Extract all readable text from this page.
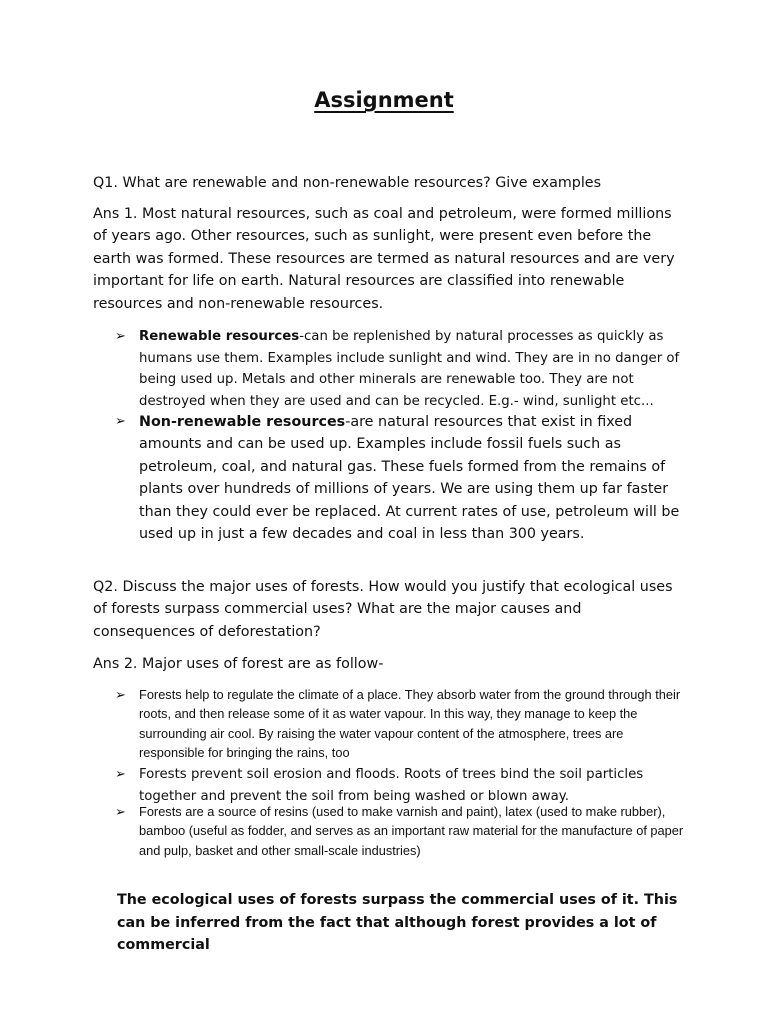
Assignment

Q1. What are renewable and non-renewable resources? Give examples

Ans 1. Most natural resources, such as coal and petroleum, were formed millions of years ago. Other resources, such as sunlight, were present even before the earth was formed. These resources are termed as natural resources and are very important for life on earth. Natural resources are classified into renewable resources and non-renewable resources.

➢ Renewable resources-can be replenished by natural processes as quickly as humans use them. Examples include sunlight and wind. They are in no danger of being used up. Metals and other minerals are renewable too. They are not destroyed when they are used and can be recycled. E.g.- wind, sunlight etc...
➢ Non-renewable resources-are natural resources that exist in fixed amounts and can be used up. Examples include fossil fuels such as petroleum, coal, and natural gas. These fuels formed from the remains of plants over hundreds of millions of years. We are using them up far faster than they could ever be replaced. At current rates of use, petroleum will be used up in just a few decades and coal in less than 300 years.

Q2. Discuss the major uses of forests. How would you justify that ecological uses of forests surpass commercial uses? What are the major causes and consequences of deforestation?

Ans 2. Major uses of forest are as follow-

➢ Forests help to regulate the climate of a place. They absorb water from the ground through their roots, and then release some of it as water vapour. In this way, they manage to keep the surrounding air cool. By raising the water vapour content of the atmosphere, trees are responsible for bringing the rains, too
➢ Forests prevent soil erosion and floods. Roots of trees bind the soil particles together and prevent the soil from being washed or blown away.
➢ Forests are a source of resins (used to make varnish and paint), latex (used to make rubber), bamboo (useful as fodder, and serves as an important raw material for the manufacture of paper and pulp, basket and other small-scale industries)

The ecological uses of forests surpass the commercial uses of it. This can be inferred from the fact that although forest provides a lot of commercial
